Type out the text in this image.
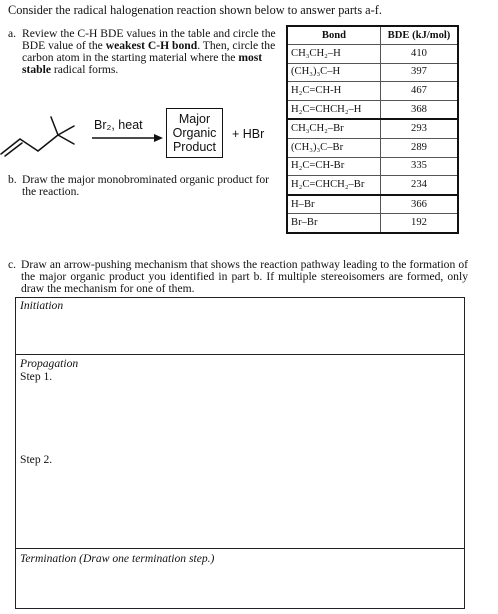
Consider the radical halogenation reaction shown below to answer parts a-f.
a. Review the C-H BDE values in the table and circle the BDE value of the weakest C-H bond. Then, circle the carbon atom in the starting material where the most stable radical forms.
Br₂, heat	Major
Organic
Product
+ HBr
Bond	BDE (kJ/mol)
CH₃CH₂–H	410
(CH₃)₃C–H	397
H₂C=CH-H	467
H₂C=CHCH₂–H	368
CH₃CH₂–Br	293
(CH₃)₃C–Br	289
H₂C=CH-Br	335
H₂C=CHCH₂–Br	234
H–Br	366
Br–Br	192
b. Draw the major monobrominated organic product for the reaction.
c. Draw an arrow-pushing mechanism that shows the reaction pathway leading to the formation of the major organic product you identified in part b. If multiple stereoisomers are formed, only draw the mechanism for one of them.
Initiation
Propagation
Step 1.
Step 2.
Termination (Draw one termination step.)
